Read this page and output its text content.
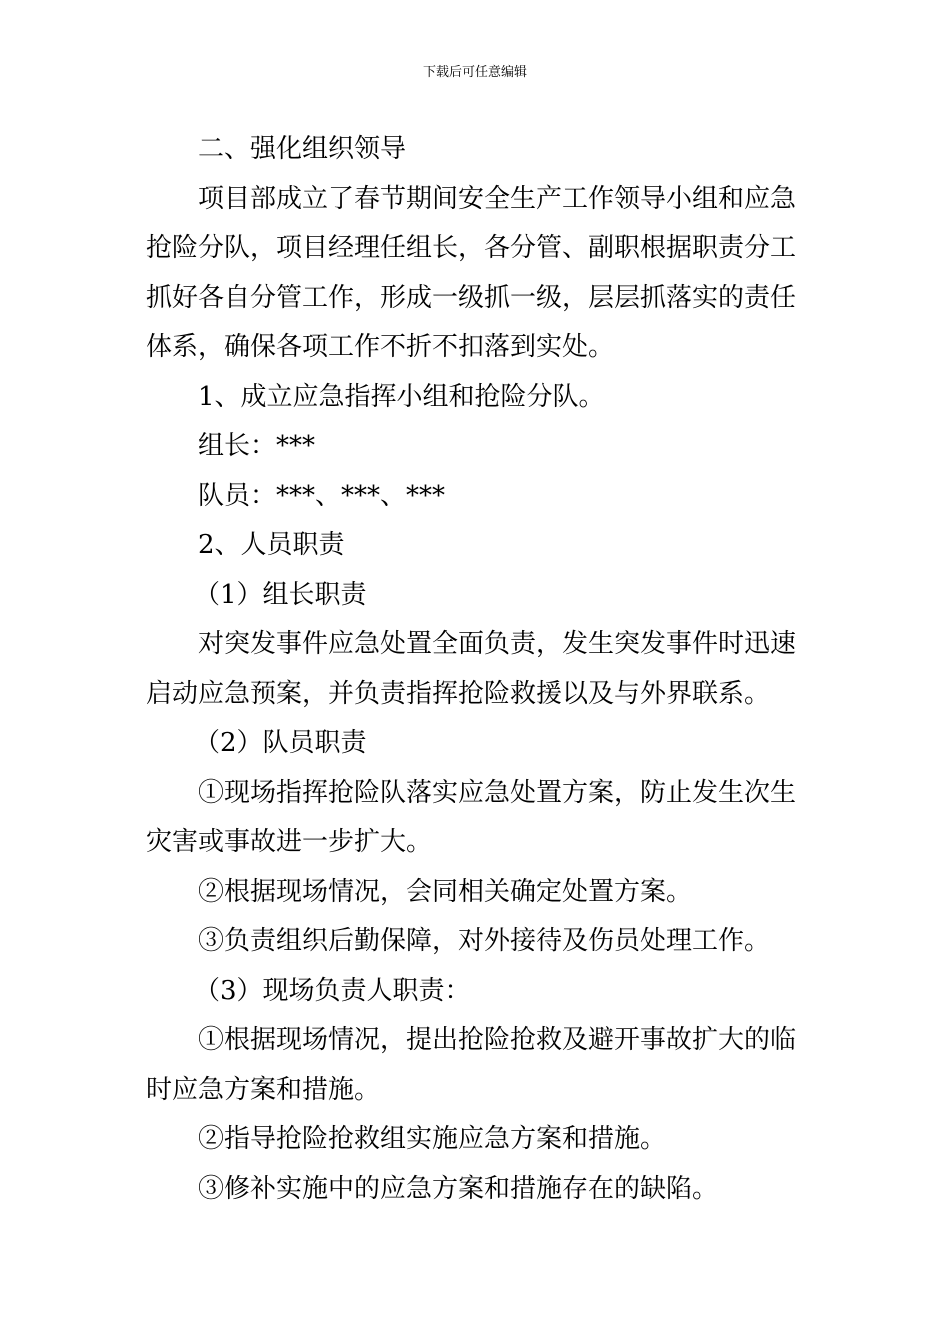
下载后可任意编辑

二、强化组织领导

项目部成立了春节期间安全生产工作领导小组和应急抢险分队，项目经理任组长，各分管、副职根据职责分工抓好各自分管工作，形成一级抓一级，层层抓落实的责任体系，确保各项工作不折不扣落到实处。

1、成立应急指挥小组和抢险分队。

组长：***

队员：***、***、***

2、人员职责

（1）组长职责

对突发事件应急处置全面负责，发生突发事件时迅速启动应急预案，并负责指挥抢险救援以及与外界联系。

（2）队员职责

①现场指挥抢险队落实应急处置方案，防止发生次生灾害或事故进一步扩大。

②根据现场情况，会同相关确定处置方案。

③负责组织后勤保障，对外接待及伤员处理工作。

（3）现场负责人职责：

①根据现场情况，提出抢险抢救及避开事故扩大的临时应急方案和措施。

②指导抢险抢救组实施应急方案和措施。

③修补实施中的应急方案和措施存在的缺陷。
